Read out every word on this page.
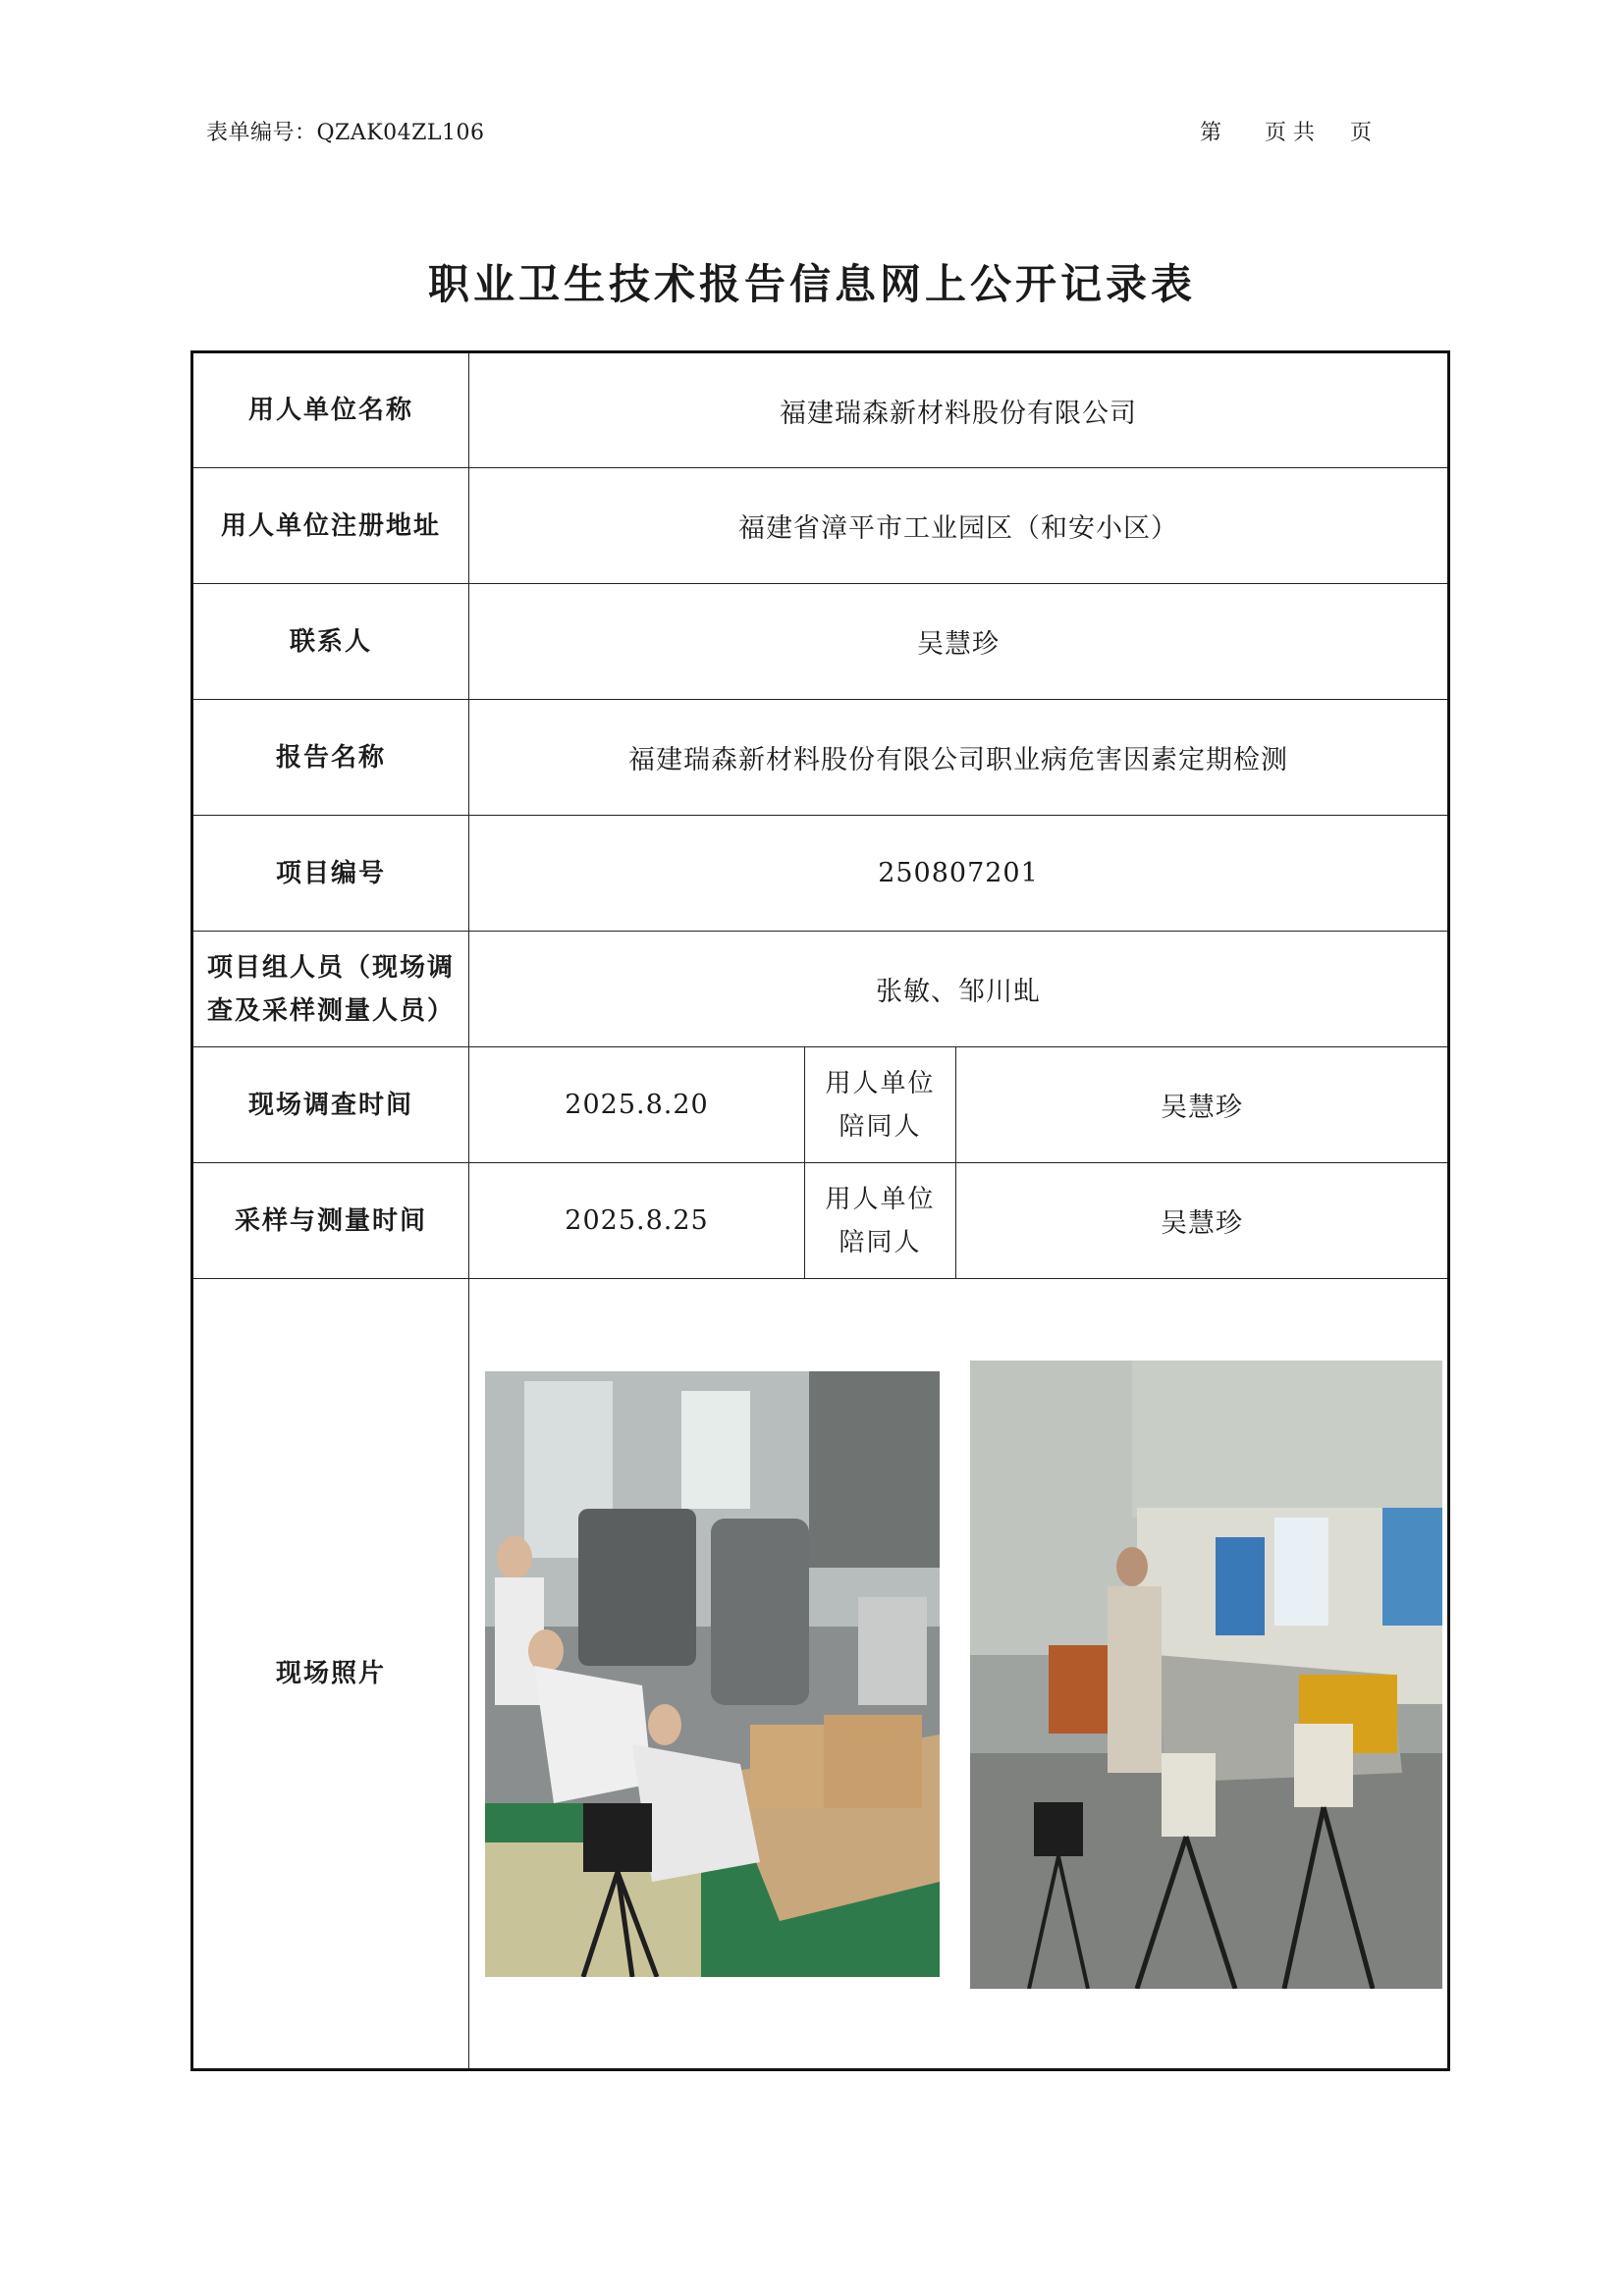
表单编号：QZAK04ZL106	第 页 共 页
职业卫生技术报告信息网上公开记录表
用人单位名称	福建瑞森新材料股份有限公司		
用人单位注册地址	福建省漳平市工业园区（和安小区）		
联系人	吴慧珍		
报告名称	福建瑞森新材料股份有限公司职业病危害因素定期检测		
项目编号	250807201		
项目组人员（现场调查及采样测量人员）	张敏、邹川虬		
现场调查时间	2025.8.20	用人单位陪同人	吴慧珍
采样与测量时间	2025.8.25	用人单位陪同人	吴慧珍
现场照片	
